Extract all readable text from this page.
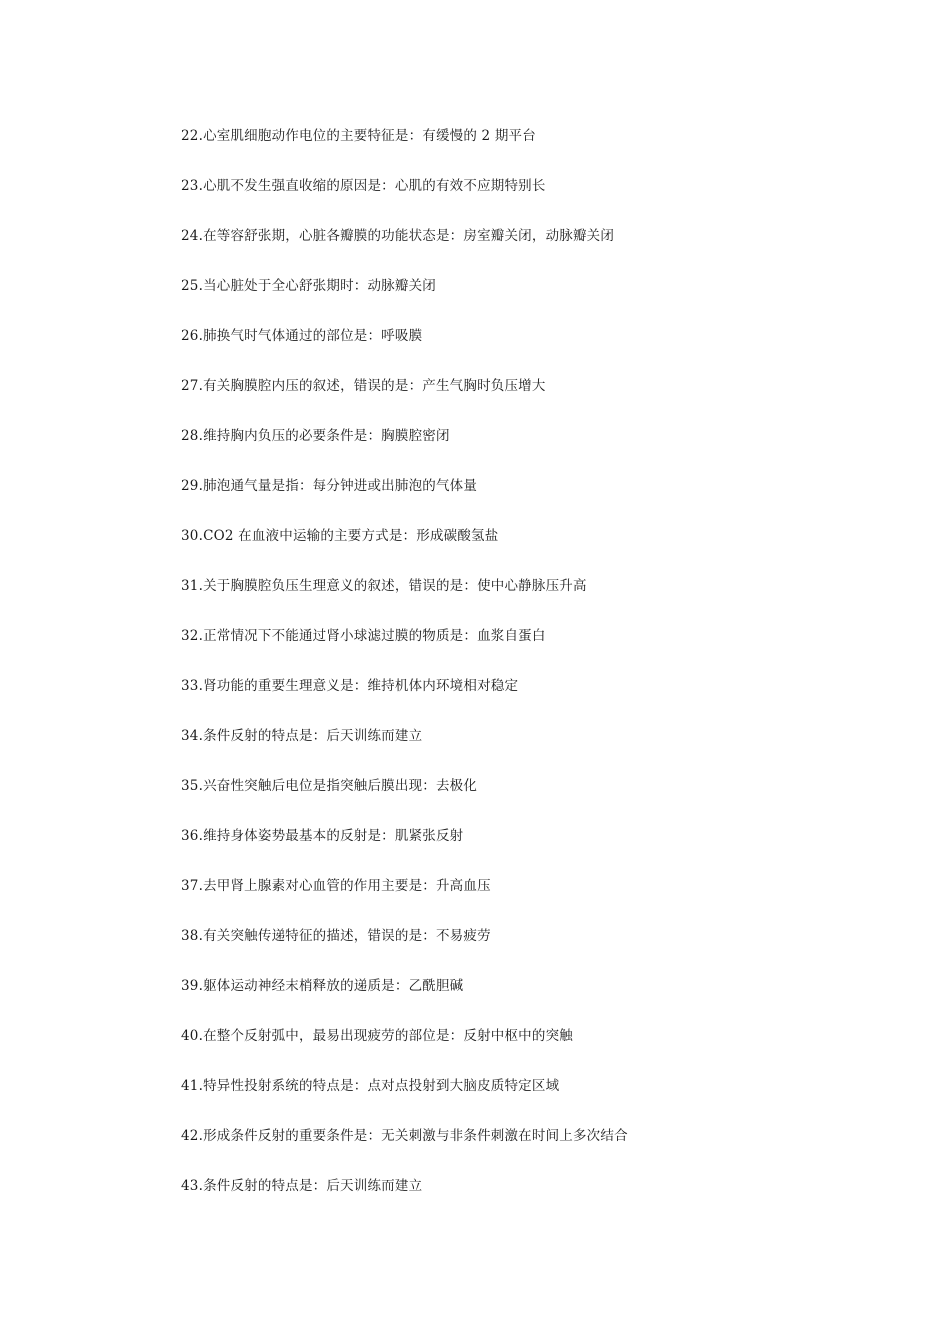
22.心室肌细胞动作电位的主要特征是：有缓慢的 2 期平台
23.心肌不发生强直收缩的原因是：心肌的有效不应期特别长
24.在等容舒张期，心脏各瓣膜的功能状态是：房室瓣关闭，动脉瓣关闭
25.当心脏处于全心舒张期时：动脉瓣关闭
26.肺换气时气体通过的部位是：呼吸膜
27.有关胸膜腔内压的叙述，错误的是：产生气胸时负压增大
28.维持胸内负压的必要条件是：胸膜腔密闭
29.肺泡通气量是指：每分钟进或出肺泡的气体量
30.CO2 在血液中运输的主要方式是：形成碳酸氢盐
31.关于胸膜腔负压生理意义的叙述，错误的是：使中心静脉压升高
32.正常情况下不能通过肾小球滤过膜的物质是：血浆自蛋白
33.肾功能的重要生理意义是：维持机体内环境相对稳定
34.条件反射的特点是：后天训练而建立
35.兴奋性突触后电位是指突触后膜出现：去极化
36.维持身体姿势最基本的反射是：肌紧张反射
37.去甲肾上腺素对心血管的作用主要是：升高血压
38.有关突触传递特征的描述，错误的是：不易疲劳
39.躯体运动神经末梢释放的递质是：乙酰胆碱
40.在整个反射弧中，最易出现疲劳的部位是：反射中枢中的突触
41.特异性投射系统的特点是：点对点投射到大脑皮质特定区域
42.形成条件反射的重要条件是：无关刺激与非条件刺激在时间上多次结合
43.条件反射的特点是：后天训练而建立
